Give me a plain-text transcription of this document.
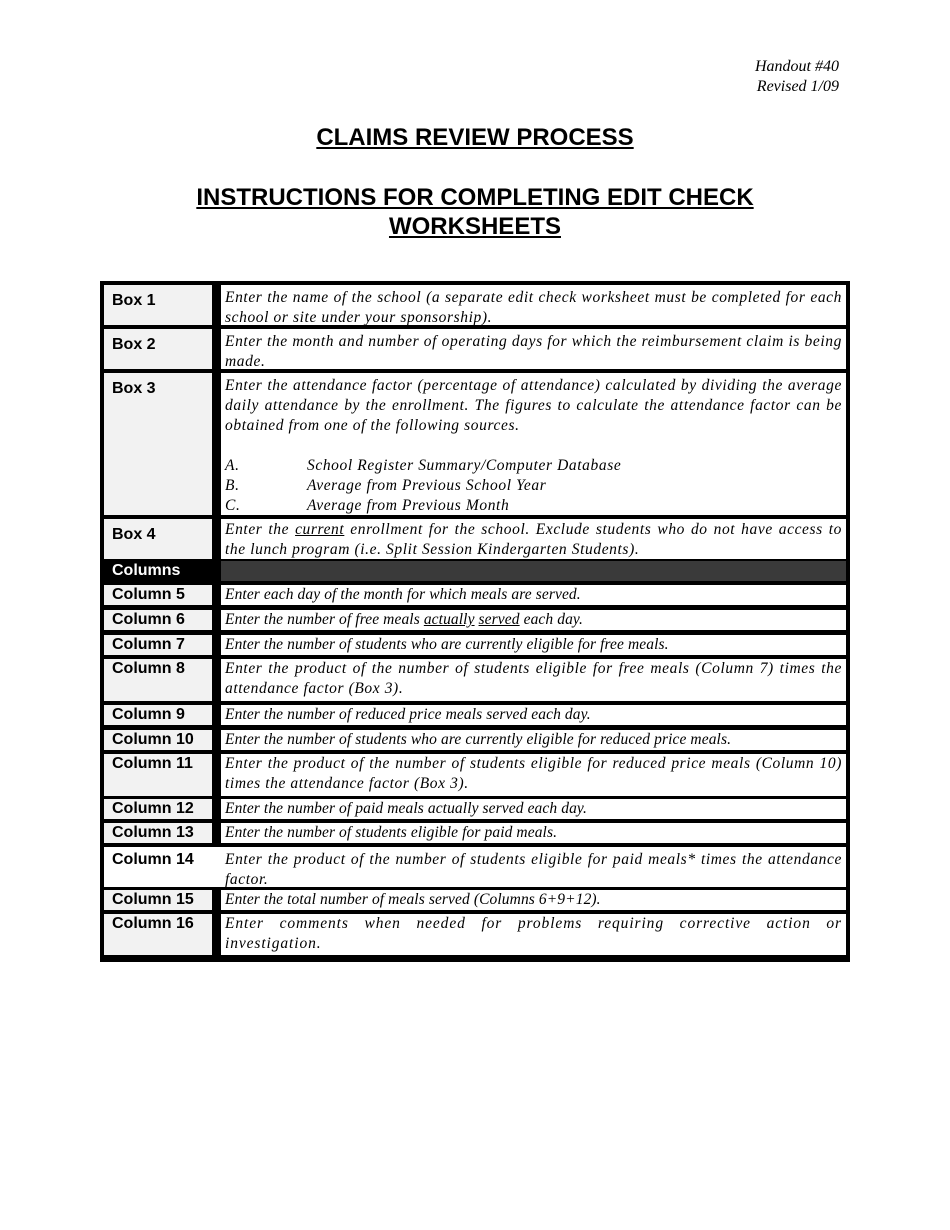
Handout #40
Revised 1/09
CLAIMS REVIEW PROCESS
INSTRUCTIONS FOR COMPLETING EDIT CHECK
WORKSHEETS
Box 1	Enter the name of the school (a separate edit check worksheet must be completed for each school or site under your sponsorship).
Box 2	Enter the month and number of operating days for which the reimbursement claim is being made.
Box 3	Enter the attendance factor (percentage of attendance) calculated by dividing the average daily attendance by the enrollment. The figures to calculate the attendance factor can be obtained from one of the following sources.
A.	School Register Summary/Computer Database
B.	Average from Previous School Year
C.	Average from Previous Month
Box 4	Enter the current enrollment for the school. Exclude students who do not have access to the lunch program (i.e. Split Session Kindergarten Students).
Columns
Column 5	Enter each day of the month for which meals are served.
Column 6	Enter the number of free meals actually served each day.
Column 7	Enter the number of students who are currently eligible for free meals.
Column 8	Enter the product of the number of students eligible for free meals (Column 7) times the attendance factor (Box 3).
Column 9	Enter the number of reduced price meals served each day.
Column 10	Enter the number of students who are currently eligible for reduced price meals.
Column 11	Enter the product of the number of students eligible for reduced price meals (Column 10) times the attendance factor (Box 3).
Column 12	Enter the number of paid meals actually served each day.
Column 13	Enter the number of students eligible for paid meals.
Column 14	Enter the product of the number of students eligible for paid meals* times the attendance factor.
Column 15	Enter the total number of meals served (Columns 6+9+12).
Column 16	Enter comments when needed for problems requiring corrective action or investigation.
